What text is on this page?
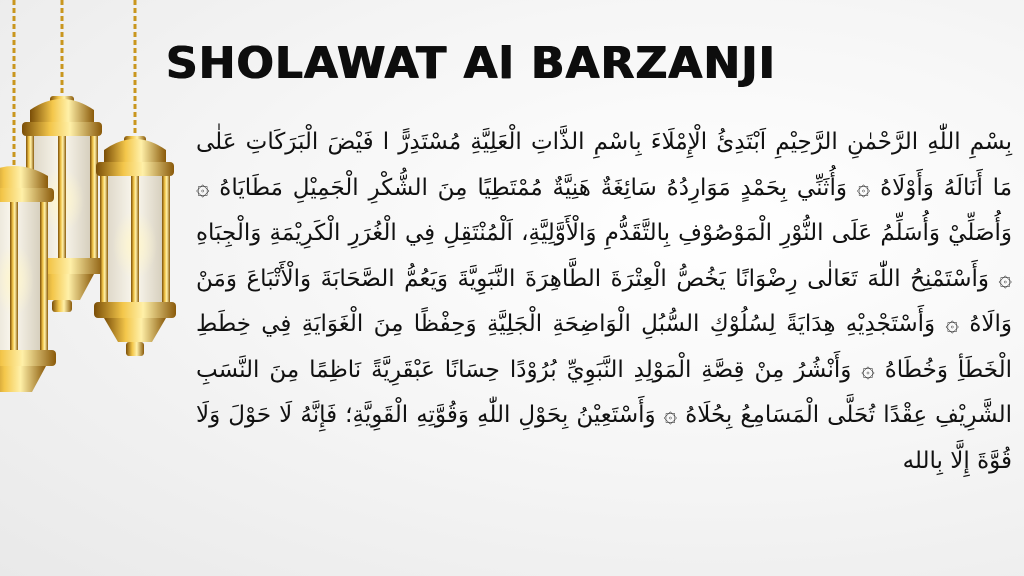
SHOLAWAT Al BARZANJI
بِسْمِ اللّٰهِ الرَّحْمٰنِ الرَّحِيْمِ اَبْتَدِئُ الْإِمْلَاءَ بِاسْمِ الذَّاتِ الْعَلِيَّةِ مُسْتَدِرًّ ا فَيْضَ الْبَرَكَاتِ عَلٰى مَا أَنَالَهُ وَأَوْلَاهُ ۞ وَأُثَنِّي بِحَمْدٍ مَوَارِدُهُ سَائِغَةٌ هَنِيَّةٌ مُمْتَطِيًا مِنَ الشُّكْرِ الْجَمِيْلِ مَطَايَاهُ ۞ وَأُصَلِّيْ وَأُسَلِّمُ عَلَى النُّوْرِ الْمَوْصُوْفِ بِالتَّقَدُّمِ وَالْأَوَّلِيَّةِ، اَلْمُنْتَقِلِ فِي الْغُرَرِ الْكَرِيْمَةِ وَالْجِبَاهِ ۞ وَأَسْتَمْنِحُ اللّٰهَ تَعَالٰى رِضْوَانًا يَخُصُّ الْعِتْرَةَ الطَّاهِرَةَ النَّبَوِيَّةَ وَيَعُمُّ الصَّحَابَةَ وَالْأَتْبَاعَ وَمَنْ وَالَاهُ ۞ وَأَسْتَجْدِيْهِ هِدَايَةً لِسُلُوْكِ السُّبُلِ الْوَاضِحَةِ الْجَلِيَّةِ وَحِفْظًا مِنَ الْغَوَايَةِ فِي خِطَطِ الْخَطَأِ وَخُطَاهُ ۞ وَأَنْشُرُ مِنْ قِصَّةِ الْمَوْلِدِ النَّبَوِيِّ بُرُوْدًا حِسَانًا عَبْقَرِيَّةً نَاظِمًا مِنَ النَّسَبِ الشَّرِيْفِ عِقْدًا تُحَلَّى الْمَسَامِعُ بِحُلَاهُ ۞ وَأَسْتَعِيْنُ بِحَوْلِ اللّٰهِ وَقُوَّتِهِ الْقَوِيَّةِ؛ فَإِنَّهُ لَا حَوْلَ وَلَا قُوَّةَ إِلَّا بِالله
